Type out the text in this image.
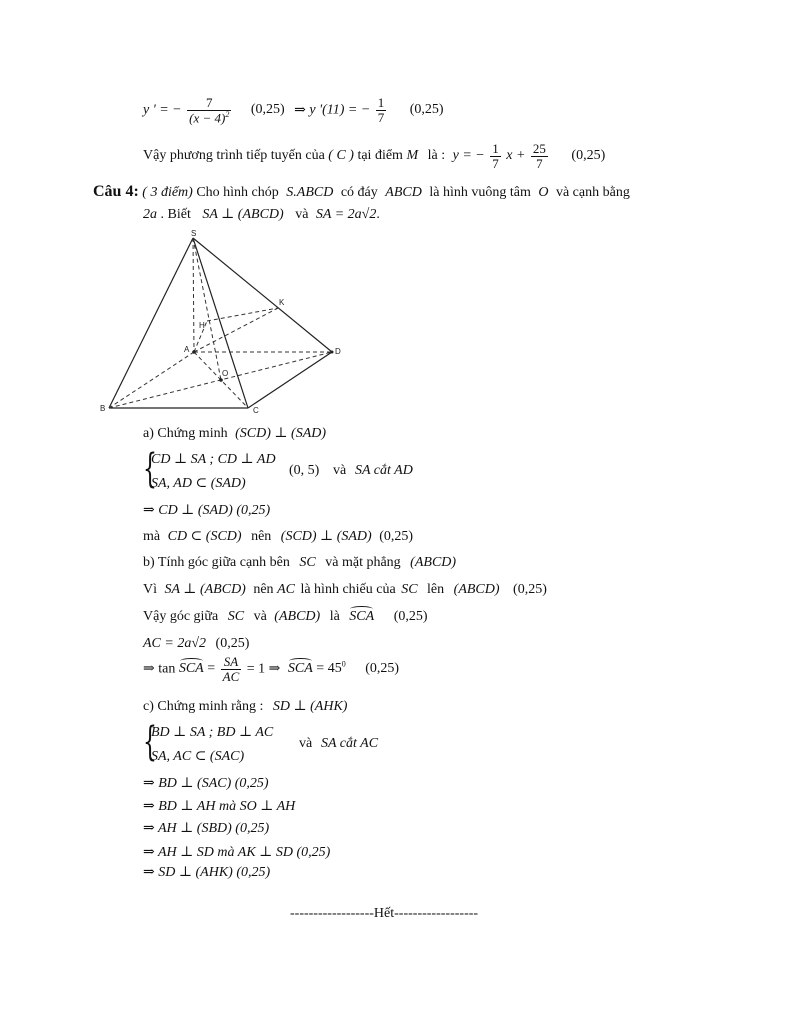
y ' = − $\frac{7}{(x - 4)^2} (0,25)$ ⇒ y '(11) = − $\frac{1}{7} (0,25)$
Vậy phương trình tiếp tuyến của ( C ) tại điểm M là : y = − $\frac{1}{7}$ $x + \frac{25}{7} (0,25)$
Câu 4: ( 3 điểm) Cho hình chóp S.ABCD có đáy ABCD là hình vuông tâm O và cạnh bằng
2a . Biết SA ⊥ (ABCD) và SA = 2a√2.
S
K
H
A	D
O
B	C
a) Chứng minh (SCD) ⊥ (SAD)
{
CD ⊥ SA ; CD ⊥ AD
SA, AD ⊂ (SAD)
(0, 5) và SA cắt AD
⇒ CD ⊥ (SAD) (0,25)
mà CD ⊂ (SCD) nên (SCD) ⊥ (SAD) (0,25)
b) Tính góc giữa cạnh bên SC và mặt phẳng (ABCD)
Vì SA ⊥ (ABCD) nên AC là hình chiếu của SC lên (ABCD) (0,25)
Vậy góc giữa SC và (ABCD) là SCA (0,25)
AC = 2a√2 (0,25)
⇒ tan SCA = $\frac{SA}{AC} = 1$ ⇒ SCA = $45^0$ (0,25)
c) Chứng minh rằng : SD ⊥ (AHK)
{
BD ⊥ SA ; BD ⊥ AC
SA, AC ⊂ (SAC)
và SA cắt AC
⇒ BD ⊥ (SAC) (0,25)
⇒ BD ⊥ AH mà SO ⊥ AH
⇒ AH ⊥ (SBD) (0,25)
⇒ AH ⊥ SD mà AK ⊥ SD (0,25)
⇒ SD ⊥ (AHK) (0,25)
------------------Hết------------------
